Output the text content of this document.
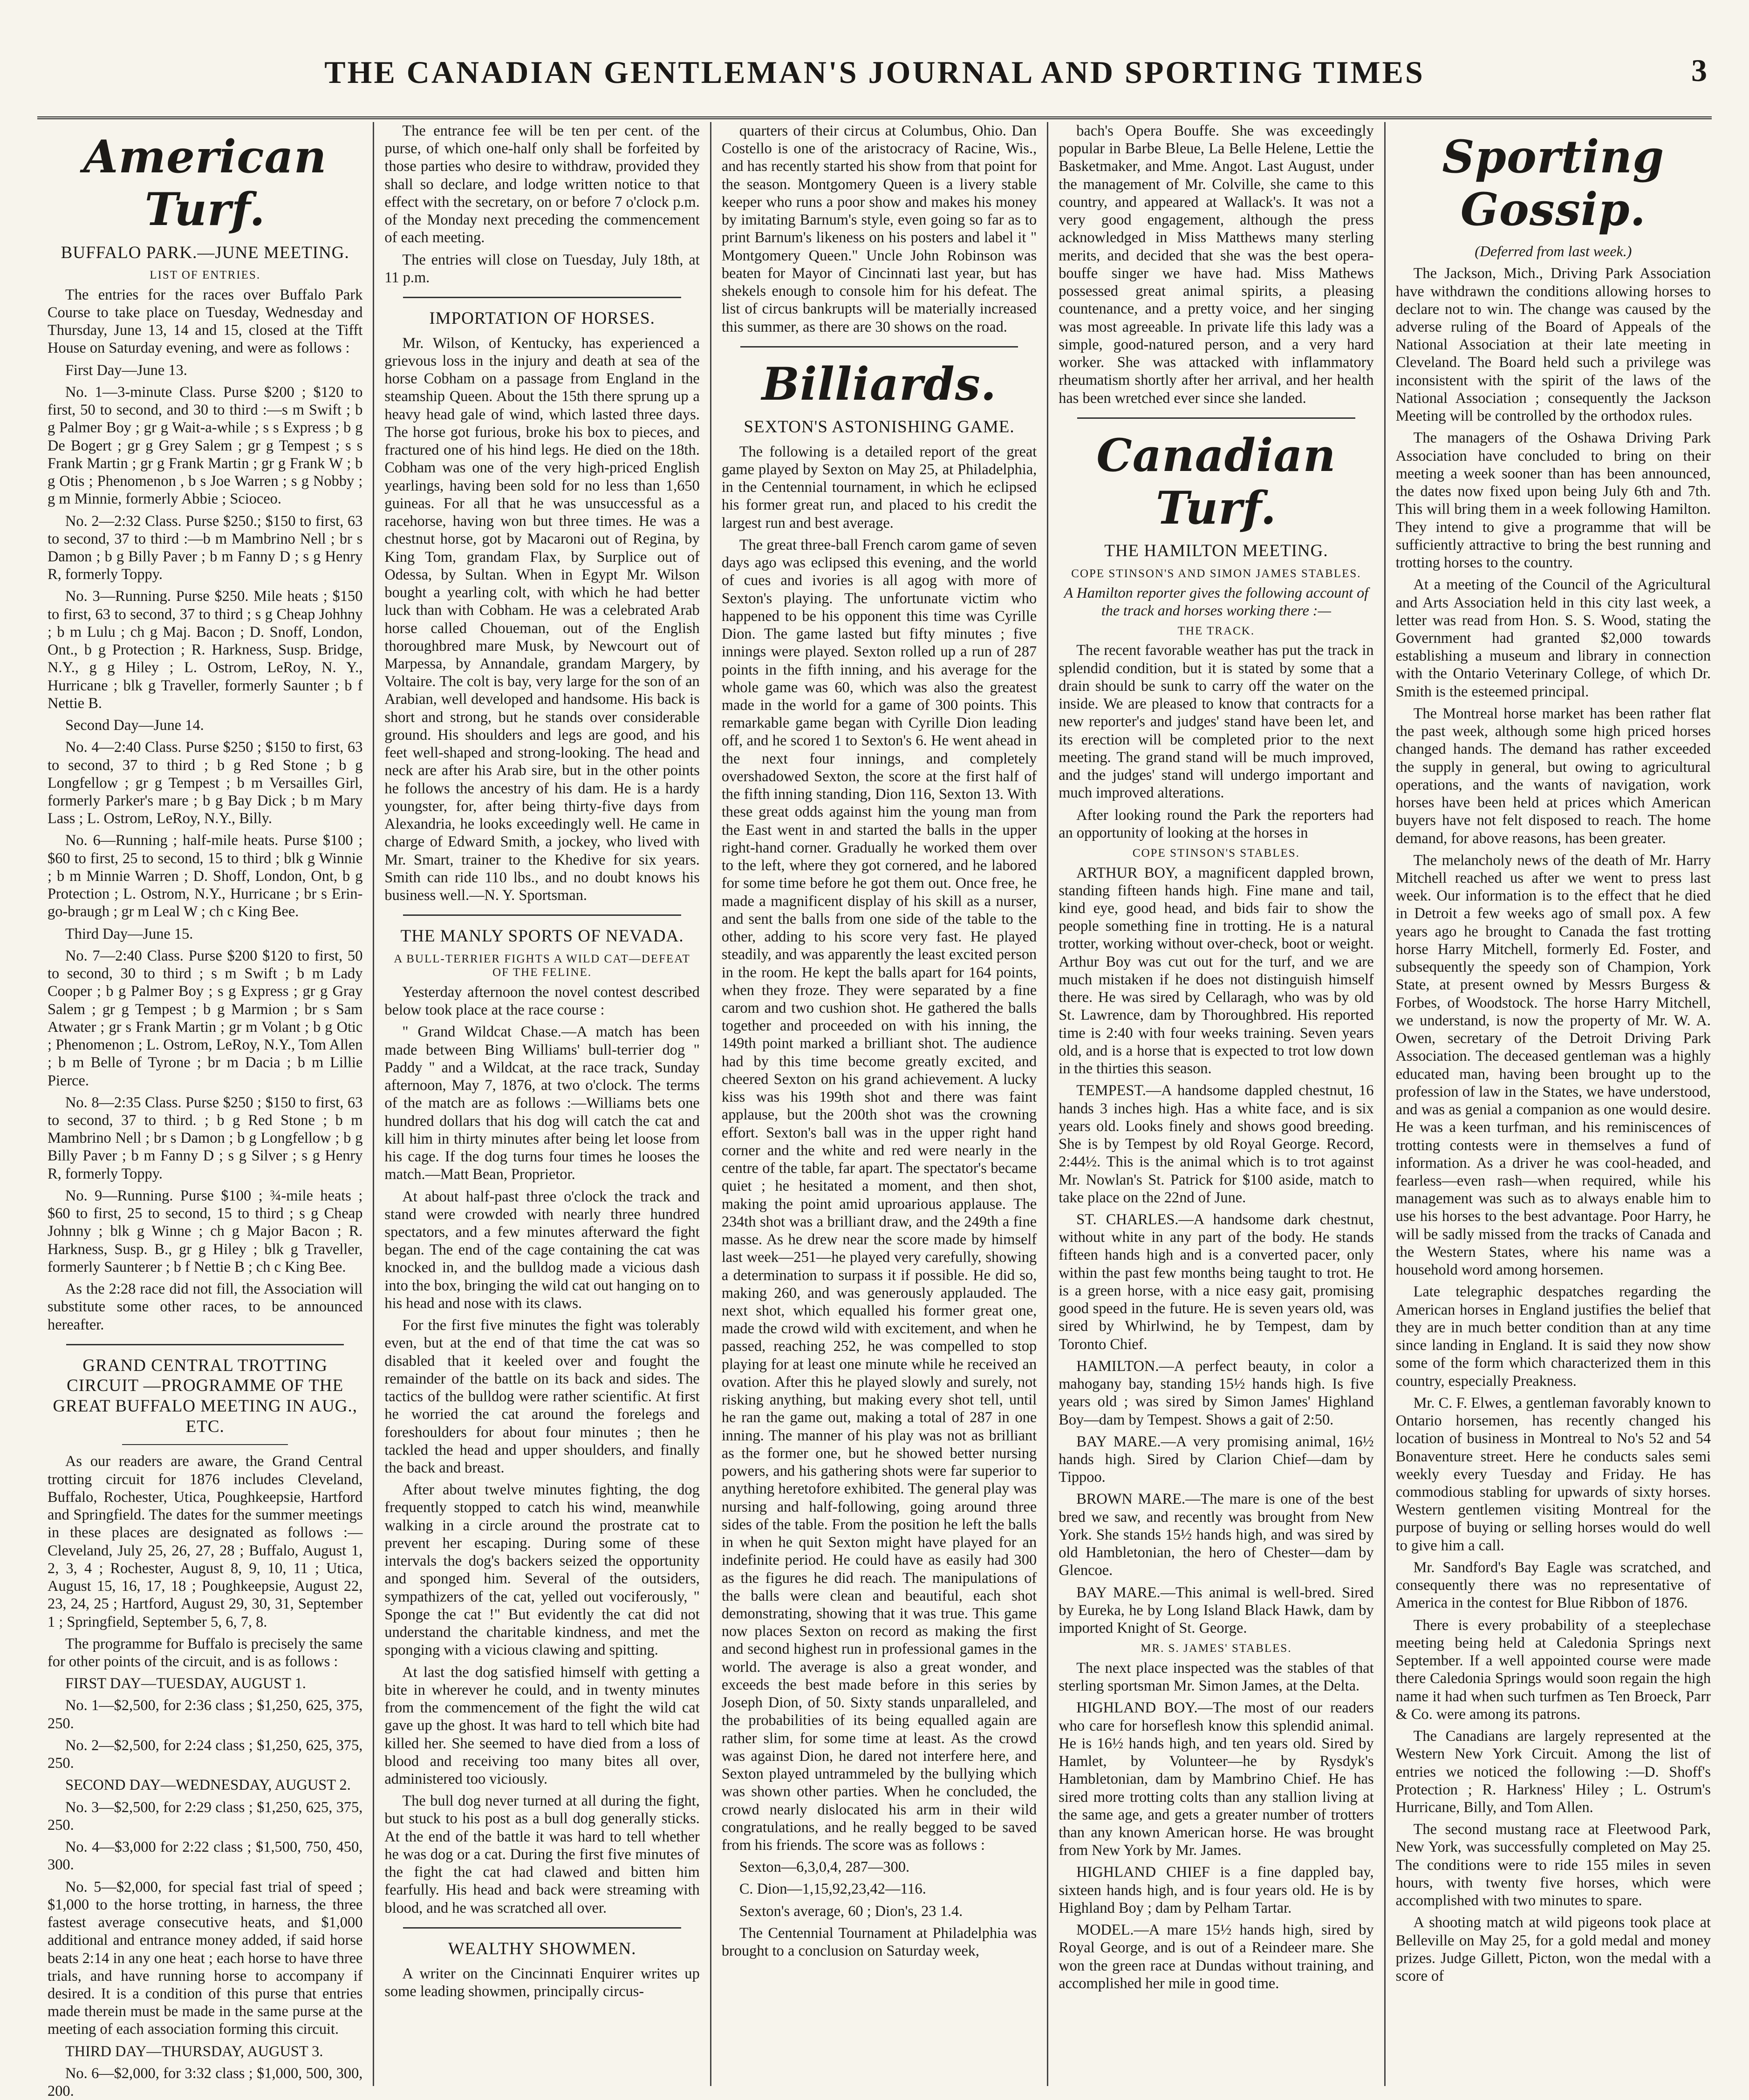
THE CANADIAN GENTLEMAN'S JOURNAL AND SPORTING TIMES	3
American Turf.
BUFFALO PARK.—JUNE MEETING.
LIST OF ENTRIES.

The entries for the races over Buffalo Park Course to take place on Tuesday, Wednesday and Thursday, June 13, 14 and 15, closed at the Tifft House on Saturday evening, and were as follows :

First Day—June 13.

No. 1—3-minute Class. Purse $200 ; $120 to first, 50 to second, and 30 to third :—s m Swift ; b g Palmer Boy ; gr g Wait-a-while ; s s Express ; b g De Bogert ; gr g Grey Salem ; gr g Tempest ; s s Frank Martin ; gr g Frank Martin ; gr g Frank W ; b g Otis ; Phenomenon , b s Joe Warren ; s g Nobby ; g m Minnie, formerly Abbie ; Scioceo.

No. 2—2:32 Class. Purse $250.; $150 to first, 63 to second, 37 to third :—b m Mambrino Nell ; br s Damon ; b g Billy Paver ; b m Fanny D ; s g Henry R, formerly Toppy.

No. 3—Running. Purse $250. Mile heats ; $150 to first, 63 to second, 37 to third ; s g Cheap Johhny ; b m Lulu ; ch g Maj. Bacon ; D. Snoff, London, Ont., b g Protection ; R. Harkness, Susp. Bridge, N.Y., g g Hiley ; L. Ostrom, LeRoy, N. Y., Hurricane ; blk g Traveller, formerly Saunter ; b f Nettie B.

Second Day—June 14.

No. 4—2:40 Class. Purse $250 ; $150 to first, 63 to second, 37 to third ; b g Red Stone ; b g Longfellow ; gr g Tempest ; b m Versailles Girl, formerly Parker's mare ; b g Bay Dick ; b m Mary Lass ; L. Ostrom, LeRoy, N.Y., Billy.

No. 6—Running ; half-mile heats. Purse $100 ; $60 to first, 25 to second, 15 to third ; blk g Winnie ; b m Minnie Warren ; D. Shoff, London, Ont, b g Protection ; L. Ostrom, N.Y., Hurricane ; br s Erin-go-braugh ; gr m Leal W ; ch c King Bee.

Third Day—June 15.

No. 7—2:40 Class. Purse $200 $120 to first, 50 to second, 30 to third ; s m Swift ; b m Lady Cooper ; b g Palmer Boy ; s g Express ; gr g Gray Salem ; gr g Tempest ; b g Marmion ; br s Sam Atwater ; gr s Frank Martin ; gr m Volant ; b g Otic ; Phenomenon ; L. Ostrom, LeRoy, N.Y., Tom Allen ; b m Belle of Tyrone ; br m Dacia ; b m Lillie Pierce.

No. 8—2:35 Class. Purse $250 ; $150 to first, 63 to second, 37 to third. ; b g Red Stone ; b m Mambrino Nell ; br s Damon ; b g Longfellow ; b g Billy Paver ; b m Fanny D ; s g Silver ; s g Henry R, formerly Toppy.

No. 9—Running. Purse $100 ; ¾-mile heats ; $60 to first, 25 to second, 15 to third ; s g Cheap Johnny ; blk g Winne ; ch g Major Bacon ; R. Harkness, Susp. B., gr g Hiley ; blk g Traveller, formerly Saunterer ; b f Nettie B ; ch c King Bee.

As the 2:28 race did not fill, the Association will substitute some other races, to be announced hereafter.

GRAND CENTRAL TROTTING CIRCUIT —PROGRAMME OF THE GREAT BUFFALO MEETING IN AUG., ETC.

As our readers are aware, the Grand Central trotting circuit for 1876 includes Cleveland, Buffalo, Rochester, Utica, Poughkeepsie, Hartford and Springfield. The dates for the summer meetings in these places are designated as follows :—Cleveland, July 25, 26, 27, 28 ; Buffalo, August 1, 2, 3, 4 ; Rochester, August 8, 9, 10, 11 ; Utica, August 15, 16, 17, 18 ; Poughkeepsie, August 22, 23, 24, 25 ; Hartford, August 29, 30, 31, September 1 ; Springfield, September 5, 6, 7, 8.

The programme for Buffalo is precisely the same for other points of the circuit, and is as follows :

FIRST DAY—TUESDAY, AUGUST 1.

No. 1—$2,500, for 2:36 class ; $1,250, 625, 375, 250.

No. 2—$2,500, for 2:24 class ; $1,250, 625, 375, 250.

SECOND DAY—WEDNESDAY, AUGUST 2.

No. 3—$2,500, for 2:29 class ; $1,250, 625, 375, 250.

No. 4—$3,000 for 2:22 class ; $1,500, 750, 450, 300.

No. 5—$2,000, for special fast trial of speed ; $1,000 to the horse trotting, in harness, the three fastest average consecutive heats, and $1,000 additional and entrance money added, if said horse beats 2:14 in any one heat ; each horse to have three trials, and have running horse to accompany if desired. It is a condition of this purse that entries made therein must be made in the same purse at the meeting of each association forming this circuit.

THIRD DAY—THURSDAY, AUGUST 3.

No. 6—$2,000, for 3:32 class ; $1,000, 500, 300, 200.

The entrance fee will be ten per cent. of the purse, of which one-half only shall be forfeited by those parties who desire to withdraw, provided they shall so declare, and lodge written notice to that effect with the secretary, on or before 7 o'clock p.m. of the Monday next preceding the commencement of each meeting.

The entries will close on Tuesday, July 18th, at 11 p.m.

IMPORTATION OF HORSES.

Mr. Wilson, of Kentucky, has experienced a grievous loss in the injury and death at sea of the horse Cobham on a passage from England in the steamship Queen. About the 15th there sprung up a heavy head gale of wind, which lasted three days. The horse got furious, broke his box to pieces, and fractured one of his hind legs. He died on the 18th. Cobham was one of the very high-priced English yearlings, having been sold for no less than 1,650 guineas. For all that he was unsuccessful as a racehorse, having won but three times. He was a chestnut horse, got by Macaroni out of Regina, by King Tom, grandam Flax, by Surplice out of Odessa, by Sultan. When in Egypt Mr. Wilson bought a yearling colt, with which he had better luck than with Cobham. He was a celebrated Arab horse called Choueman, out of the English thoroughbred mare Musk, by Newcourt out of Marpessa, by Annandale, grandam Margery, by Voltaire. The colt is bay, very large for the son of an Arabian, well developed and handsome. His back is short and strong, but he stands over considerable ground. His shoulders and legs are good, and his feet well-shaped and strong-looking. The head and neck are after his Arab sire, but in the other points he follows the ancestry of his dam. He is a hardy youngster, for, after being thirty-five days from Alexandria, he looks exceedingly well. He came in charge of Edward Smith, a jockey, who lived with Mr. Smart, trainer to the Khedive for six years. Smith can ride 110 lbs., and no doubt knows his business well.—N. Y. Sportsman.

THE MANLY SPORTS OF NEVADA.
A BULL-TERRIER FIGHTS A WILD CAT—DEFEAT OF THE FELINE.

Yesterday afternoon the novel contest described below took place at the race course :

" Grand Wildcat Chase.—A match has been made between Bing Williams' bull-terrier dog " Paddy " and a Wildcat, at the race track, Sunday afternoon, May 7, 1876, at two o'clock. The terms of the match are as follows :—Williams bets one hundred dollars that his dog will catch the cat and kill him in thirty minutes after being let loose from his cage. If the dog turns four times he looses the match.—Matt Bean, Proprietor.

At about half-past three o'clock the track and stand were crowded with nearly three hundred spectators, and a few minutes afterward the fight began. The end of the cage containing the cat was knocked in, and the bulldog made a vicious dash into the box, bringing the wild cat out hanging on to his head and nose with its claws.

For the first five minutes the fight was tolerably even, but at the end of that time the cat was so disabled that it keeled over and fought the remainder of the battle on its back and sides. The tactics of the bulldog were rather scientific. At first he worried the cat around the forelegs and foreshoulders for about four minutes ; then he tackled the head and upper shoulders, and finally the back and breast.

After about twelve minutes fighting, the dog frequently stopped to catch his wind, meanwhile walking in a circle around the prostrate cat to prevent her escaping. During some of these intervals the dog's backers seized the opportunity and sponged him. Several of the outsiders, sympathizers of the cat, yelled out vociferously, " Sponge the cat !" But evidently the cat did not understand the charitable kindness, and met the sponging with a vicious clawing and spitting.

At last the dog satisfied himself with getting a bite in wherever he could, and in twenty minutes from the commencement of the fight the wild cat gave up the ghost. It was hard to tell which bite had killed her. She seemed to have died from a loss of blood and receiving too many bites all over, administered too viciously.

The bull dog never turned at all during the fight, but stuck to his post as a bull dog generally sticks. At the end of the battle it was hard to tell whether he was dog or a cat. During the first five minutes of the fight the cat had clawed and bitten him fearfully. His head and back were streaming with blood, and he was scratched all over.

WEALTHY SHOWMEN.

A writer on the Cincinnati Enquirer writes up some leading showmen, principally circus-

quarters of their circus at Columbus, Ohio. Dan Costello is one of the aristocracy of Racine, Wis., and has recently started his show from that point for the season. Montgomery Queen is a livery stable keeper who runs a poor show and makes his money by imitating Barnum's style, even going so far as to print Barnum's likeness on his posters and label it " Montgomery Queen." Uncle John Robinson was beaten for Mayor of Cincinnati last year, but has shekels enough to console him for his defeat. The list of circus bankrupts will be materially increased this summer, as there are 30 shows on the road.

Billiards.
SEXTON'S ASTONISHING GAME.

The following is a detailed report of the great game played by Sexton on May 25, at Philadelphia, in the Centennial tournament, in which he eclipsed his former great run, and placed to his credit the largest run and best average.

The great three-ball French carom game of seven days ago was eclipsed this evening, and the world of cues and ivories is all agog with more of Sexton's playing. The unfortunate victim who happened to be his opponent this time was Cyrille Dion. The game lasted but fifty minutes ; five innings were played. Sexton rolled up a run of 287 points in the fifth inning, and his average for the whole game was 60, which was also the greatest made in the world for a game of 300 points. This remarkable game began with Cyrille Dion leading off, and he scored 1 to Sexton's 6. He went ahead in the next four innings, and completely overshadowed Sexton, the score at the first half of the fifth inning standing, Dion 116, Sexton 13. With these great odds against him the young man from the East went in and started the balls in the upper right-hand corner. Gradually he worked them over to the left, where they got cornered, and he labored for some time before he got them out. Once free, he made a magnificent display of his skill as a nurser, and sent the balls from one side of the table to the other, adding to his score very fast. He played steadily, and was apparently the least excited person in the room. He kept the balls apart for 164 points, when they froze. They were separated by a fine carom and two cushion shot. He gathered the balls together and proceeded on with his inning, the 149th point marked a brilliant shot. The audience had by this time become greatly excited, and cheered Sexton on his grand achievement. A lucky kiss was his 199th shot and there was faint applause, but the 200th shot was the crowning effort. Sexton's ball was in the upper right hand corner and the white and red were nearly in the centre of the table, far apart. The spectator's became quiet ; he hesitated a moment, and then shot, making the point amid uproarious applause. The 234th shot was a brilliant draw, and the 249th a fine masse. As he drew near the score made by himself last week—251—he played very carefully, showing a determination to surpass it if possible. He did so, making 260, and was generously applauded. The next shot, which equalled his former great one, made the crowd wild with excitement, and when he passed, reaching 252, he was compelled to stop playing for at least one minute while he received an ovation. After this he played slowly and surely, not risking anything, but making every shot tell, until he ran the game out, making a total of 287 in one inning. The manner of his play was not as brilliant as the former one, but he showed better nursing powers, and his gathering shots were far superior to anything heretofore exhibited. The general play was nursing and half-following, going around three sides of the table. From the position he left the balls in when he quit Sexton might have played for an indefinite period. He could have as easily had 300 as the figures he did reach. The manipulations of the balls were clean and beautiful, each shot demonstrating, showing that it was true. This game now places Sexton on record as making the first and second highest run in professional games in the world. The average is also a great wonder, and exceeds the best made before in this series by Joseph Dion, of 50. Sixty stands unparalleled, and the probabilities of its being equalled again are rather slim, for some time at least. As the crowd was against Dion, he dared not interfere here, and Sexton played untrammeled by the bullying which was shown other parties. When he concluded, the crowd nearly dislocated his arm in their wild congratulations, and he really begged to be saved from his friends. The score was as follows :

Sexton—6,3,0,4, 287—300.

C. Dion—1,15,92,23,42—116.

Sexton's average, 60 ; Dion's, 23 1.4.

The Centennial Tournament at Philadelphia was brought to a conclusion on Saturday week,

bach's Opera Bouffe. She was exceedingly popular in Barbe Bleue, La Belle Helene, Lettie the Basketmaker, and Mme. Angot. Last August, under the management of Mr. Colville, she came to this country, and appeared at Wallack's. It was not a very good engagement, although the press acknowledged in Miss Matthews many sterling merits, and decided that she was the best opera-bouffe singer we have had. Miss Mathews possessed great animal spirits, a pleasing countenance, and a pretty voice, and her singing was most agreeable. In private life this lady was a simple, good-natured person, and a very hard worker. She was attacked with inflammatory rheumatism shortly after her arrival, and her health has been wretched ever since she landed.

Canadian Turf.
THE HAMILTON MEETING.
COPE STINSON'S AND SIMON JAMES STABLES.
A Hamilton reporter gives the following account of the track and horses working there :—
THE TRACK.

The recent favorable weather has put the track in splendid condition, but it is stated by some that a drain should be sunk to carry off the water on the inside. We are pleased to know that contracts for a new reporter's and judges' stand have been let, and its erection will be completed prior to the next meeting. The grand stand will be much improved, and the judges' stand will undergo important and much improved alterations.

After looking round the Park the reporters had an opportunity of looking at the horses in

COPE STINSON'S STABLES.

ARTHUR BOY, a magnificent dappled brown, standing fifteen hands high. Fine mane and tail, kind eye, good head, and bids fair to show the people something fine in trotting. He is a natural trotter, working without over-check, boot or weight. Arthur Boy was cut out for the turf, and we are much mistaken if he does not distinguish himself there. He was sired by Cellaragh, who was by old St. Lawrence, dam by Thoroughbred. His reported time is 2:40 with four weeks training. Seven years old, and is a horse that is expected to trot low down in the thirties this season.

TEMPEST.—A handsome dappled chestnut, 16 hands 3 inches high. Has a white face, and is six years old. Looks finely and shows good breeding. She is by Tempest by old Royal George. Record, 2:44½. This is the animal which is to trot against Mr. Nowlan's St. Patrick for $100 aside, match to take place on the 22nd of June.

ST. CHARLES.—A handsome dark chestnut, without white in any part of the body. He stands fifteen hands high and is a converted pacer, only within the past few months being taught to trot. He is a green horse, with a nice easy gait, promising good speed in the future. He is seven years old, was sired by Whirlwind, he by Tempest, dam by Toronto Chief.

HAMILTON.—A perfect beauty, in color a mahogany bay, standing 15½ hands high. Is five years old ; was sired by Simon James' Highland Boy—dam by Tempest. Shows a gait of 2:50.

BAY MARE.—A very promising animal, 16½ hands high. Sired by Clarion Chief—dam by Tippoo.

BROWN MARE.—The mare is one of the best bred we saw, and recently was brought from New York. She stands 15½ hands high, and was sired by old Hambletonian, the hero of Chester—dam by Glencoe.

BAY MARE.—This animal is well-bred. Sired by Eureka, he by Long Island Black Hawk, dam by imported Knight of St. George.

MR. S. JAMES' STABLES.

The next place inspected was the stables of that sterling sportsman Mr. Simon James, at the Delta.

HIGHLAND BOY.—The most of our readers who care for horseflesh know this splendid animal. He is 16½ hands high, and ten years old. Sired by Hamlet, by Volunteer—he by Rysdyk's Hambletonian, dam by Mambrino Chief. He has sired more trotting colts than any stallion living at the same age, and gets a greater number of trotters than any known American horse. He was brought from New York by Mr. James.

HIGHLAND CHIEF is a fine dappled bay, sixteen hands high, and is four years old. He is by Highland Boy ; dam by Pelham Tartar.

MODEL.—A mare 15½ hands high, sired by Royal George, and is out of a Reindeer mare. She won the green race at Dundas without training, and accomplished her mile in good time.

Sporting Gossip.
(Deferred from last week.)

The Jackson, Mich., Driving Park Association have withdrawn the conditions allowing horses to declare not to win. The change was caused by the adverse ruling of the Board of Appeals of the National Association at their late meeting in Cleveland. The Board held such a privilege was inconsistent with the spirit of the laws of the National Association ; consequently the Jackson Meeting will be controlled by the orthodox rules.

The managers of the Oshawa Driving Park Association have concluded to bring on their meeting a week sooner than has been announced, the dates now fixed upon being July 6th and 7th. This will bring them in a week following Hamilton. They intend to give a programme that will be sufficiently attractive to bring the best running and trotting horses to the country.

At a meeting of the Council of the Agricultural and Arts Association held in this city last week, a letter was read from Hon. S. S. Wood, stating the Government had granted $2,000 towards establishing a museum and library in connection with the Ontario Veterinary College, of which Dr. Smith is the esteemed principal.

The Montreal horse market has been rather flat the past week, although some high priced horses changed hands. The demand has rather exceeded the supply in general, but owing to agricultural operations, and the wants of navigation, work horses have been held at prices which American buyers have not felt disposed to reach. The home demand, for above reasons, has been greater.

The melancholy news of the death of Mr. Harry Mitchell reached us after we went to press last week. Our information is to the effect that he died in Detroit a few weeks ago of small pox. A few years ago he brought to Canada the fast trotting horse Harry Mitchell, formerly Ed. Foster, and subsequently the speedy son of Champion, York State, at present owned by Messrs Burgess & Forbes, of Woodstock. The horse Harry Mitchell, we understand, is now the property of Mr. W. A. Owen, secretary of the Detroit Driving Park Association. The deceased gentleman was a highly educated man, having been brought up to the profession of law in the States, we have understood, and was as genial a companion as one would desire. He was a keen turfman, and his reminiscences of trotting contests were in themselves a fund of information. As a driver he was cool-headed, and fearless—even rash—when required, while his management was such as to always enable him to use his horses to the best advantage. Poor Harry, he will be sadly missed from the tracks of Canada and the Western States, where his name was a household word among horsemen.

Late telegraphic despatches regarding the American horses in England justifies the belief that they are in much better condition than at any time since landing in England. It is said they now show some of the form which characterized them in this country, especially Preakness.

Mr. C. F. Elwes, a gentleman favorably known to Ontario horsemen, has recently changed his location of business in Montreal to No's 52 and 54 Bonaventure street. Here he conducts sales semi weekly every Tuesday and Friday. He has commodious stabling for upwards of sixty horses. Western gentlemen visiting Montreal for the purpose of buying or selling horses would do well to give him a call.

Mr. Sandford's Bay Eagle was scratched, and consequently there was no representative of America in the contest for Blue Ribbon of 1876.

There is every probability of a steeplechase meeting being held at Caledonia Springs next September. If a well appointed course were made there Caledonia Springs would soon regain the high name it had when such turfmen as Ten Broeck, Parr & Co. were among its patrons.

The Canadians are largely represented at the Western New York Circuit. Among the list of entries we noticed the following :—D. Shoff's Protection ; R. Harkness' Hiley ; L. Ostrum's Hurricane, Billy, and Tom Allen.

The second mustang race at Fleetwood Park, New York, was successfully completed on May 25. The conditions were to ride 155 miles in seven hours, with twenty five horses, which were accomplished with two minutes to spare.

A shooting match at wild pigeons took place at Belleville on May 25, for a gold medal and money prizes. Judge Gillett, Picton, won the medal with a score of
